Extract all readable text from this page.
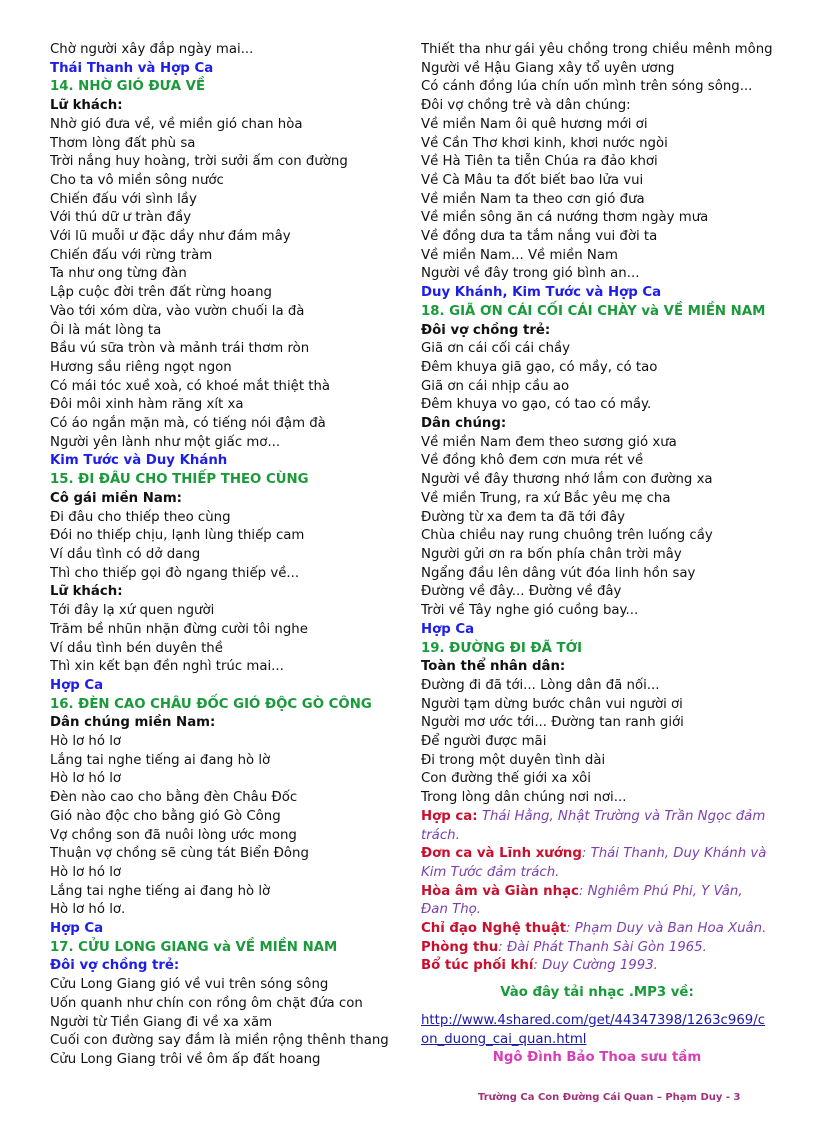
Chờ người xây đắp ngày mai...
Thái Thanh và Hợp Ca
14. NHỜ GIÓ ĐƯA VỀ
Lữ khách:
Nhờ gió đưa về, về miền gió chan hòa
Thơm lòng đất phù sa
Trời nắng huy hoàng, trời sưởi ấm con đường
Cho ta vô miền sông nước
Chiến đấu với sình lầy
Với thú dữ ư tràn đầy
Với lũ muỗi ư đặc dầy như đám mây
Chiến đấu với rừng tràm
Ta như ong từng đàn
Lập cuộc đời trên đất rừng hoang
Vào tới xóm dừa, vào vườn chuối la đà
Ôi là mát lòng ta
Bầu vú sữa tròn và mảnh trái thơm ròn
Hương sầu riêng ngọt ngon
Có mái tóc xuề xoà, có khoé mắt thiệt thà
Đôi môi xinh hàm răng xít xa
Có áo ngắn mặn mà, có tiếng nói đậm đà
Người yên lành như một giấc mơ...
Kim Tước và Duy Khánh
15. ĐI ĐÂU CHO THIẾP THEO CÙNG
Cô gái miền Nam:
Đi đâu cho thiếp theo cùng
Đói no thiếp chịu, lạnh lùng thiếp cam
Ví dầu tình có dở dang
Thì cho thiếp gọi đò ngang thiếp về...
Lữ khách:
Tới đây lạ xứ quen người
Trăm bề nhũn nhặn đừng cười tôi nghe
Ví dầu tình bén duyên thề
Thì xin kết bạn đền nghì trúc mai...
Hợp Ca
16. ĐÈN CAO CHÂU ĐỐC GIÓ ĐỘC GÒ CÔNG
Dân chúng miền Nam:
Hò lơ hó lơ
Lắng tai nghe tiếng ai đang hò lờ
Hò lơ hó lơ
Đèn nào cao cho bằng đèn Châu Đốc
Gió nào độc cho bằng gió Gò Công
Vợ chồng son đã nuôi lòng ước mong
Thuận vợ chồng sẽ cùng tát Biển Đông
Hò lơ hó lơ
Lắng tai nghe tiếng ai đang hò lờ
Hò lơ hó lơ.
Hợp Ca
17. CỬU LONG GIANG và VỀ MIỀN NAM
Đôi vợ chồng trẻ:
Cửu Long Giang gió về vui trên sóng sông
Uốn quanh như chín con rồng ôm chặt đứa con
Người từ Tiền Giang đi về xa xăm
Cuối con đường say đắm là miền rộng thênh thang
Cửu Long Giang trôi về ôm ấp đất hoang
Thiết tha như gái yêu chồng trong chiều mênh mông
Người về Hậu Giang xây tổ uyên ương
Có cánh đồng lúa chín uốn mình trên sóng sông...
Đôi vợ chồng trẻ và dân chúng:
Về miền Nam ôi quê hương mới ơi
Về Cần Thơ khơi kinh, khơi nước ngòi
Về Hà Tiên ta tiễn Chúa ra đảo khơi
Về Cà Mâu ta đốt biết bao lửa vui
Về miền Nam ta theo cơn gió đưa
Về miền sông ăn cá nướng thơm ngày mưa
Về đồng dưa ta tắm nắng vui đời ta
Về miền Nam... Về miền Nam
Người về đây trong gió bình an...
Duy Khánh, Kim Tước và Hợp Ca
18. GIÃ ƠN CÁI CỐI CÁI CHÀY và VỀ MIỀN NAM
Đôi vợ chồng trẻ:
Giã ơn cái cối cái chầy
Đêm khuya giã gạo, có mầy, có tao
Giã ơn cái nhịp cầu ao
Đêm khuya vo gạo, có tao có mầy.
Dân chúng:
Về miền Nam đem theo sương gió xưa
Về đồng khô đem cơn mưa rét về
Người về đây thương nhớ lắm con đường xa
Về miền Trung, ra xứ Bắc yêu mẹ cha
Đường từ xa đem ta đã tới đây
Chùa chiều nay rung chuông trên luống cầy
Người gửi ơn ra bốn phía chân trời mây
Ngẩng đầu lên dâng vút đóa linh hồn say
Đường về đây... Đường về đây
Trời về Tây nghe gió cuồng bay...
Hợp Ca
19. ĐƯỜNG ĐI ĐÃ TỚI
Toàn thể nhân dân:
Đường đi đã tới... Lòng dân đã nối...
Người tạm dừng bước chân vui người ơi
Người mơ ước tới... Đường tan ranh giới
Để người được mãi
Đi trong một duyên tình dài
Con đường thế giới xa xôi
Trong lòng dân chúng nơi nơi...
Hợp ca: Thái Hằng, Nhật Trường và Trần Ngọc đảm trách.
Đơn ca và Lĩnh xướng: Thái Thanh, Duy Khánh và Kim Tước đảm trách.
Hòa âm và Giàn nhạc: Nghiêm Phú Phi, Y Vân, Đan Thọ.
Chỉ đạo Nghệ thuật: Phạm Duy và Ban Hoa Xuân.
Phòng thu: Đài Phát Thanh Sài Gòn 1965.
Bổ túc phối khí: Duy Cường 1993.
Vào đây tải nhạc .MP3 về:
http://www.4shared.com/get/44347398/1263c969/con_duong_cai_quan.html
Ngô Đình Bảo Thoa sưu tầm
Trường Ca Con Đường Cái Quan – Phạm Duy - 3
